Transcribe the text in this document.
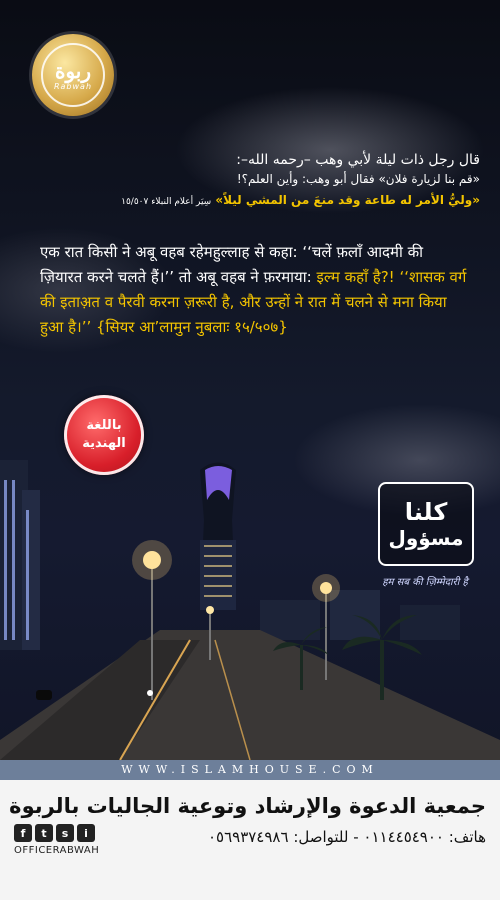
ربوة
Rabwah
قال رجل ذات ليلة لأبي وهب –رحمه الله–:
«قم بنا لزيارة فلان» فقال أبو وهب: وأين العلم؟!
«وليُّ الأمر له طاعة وقد منعَ من المشي ليلاً» سِيَر أعلام النبلاء ١٥/٥٠٧
एक रात किसी ने अबू वहब रहेमहुल्लाह से कहा: ‘‘चलें फ़लाँ आदमी की ज़ियारत करने चलते हैं।’’ तो अबू वहब ने फ़रमाया: इल्म कहाँ है?! ‘‘शासक वर्ग की इताअ़त व पैरवी करना ज़रूरी है, और उन्हों ने रात में चलने से मना किया हुआ है।’’ {सियर आ’लामुन नुबलाः १५/५०७}
باللغة
الهندية
كلنا
مسؤول
हम सब की ज़िम्मेदारी है
WWW.ISLAMHOUSE.COM
جمعية الدعوة والإرشاد وتوعية الجاليات بالربوة
هاتف: ٠١١٤٤٥٤٩٠٠ - للتواصل: ٠٥٦٩٣٧٤٩٨٦
f	t	s	i
OFFICERABWAH
